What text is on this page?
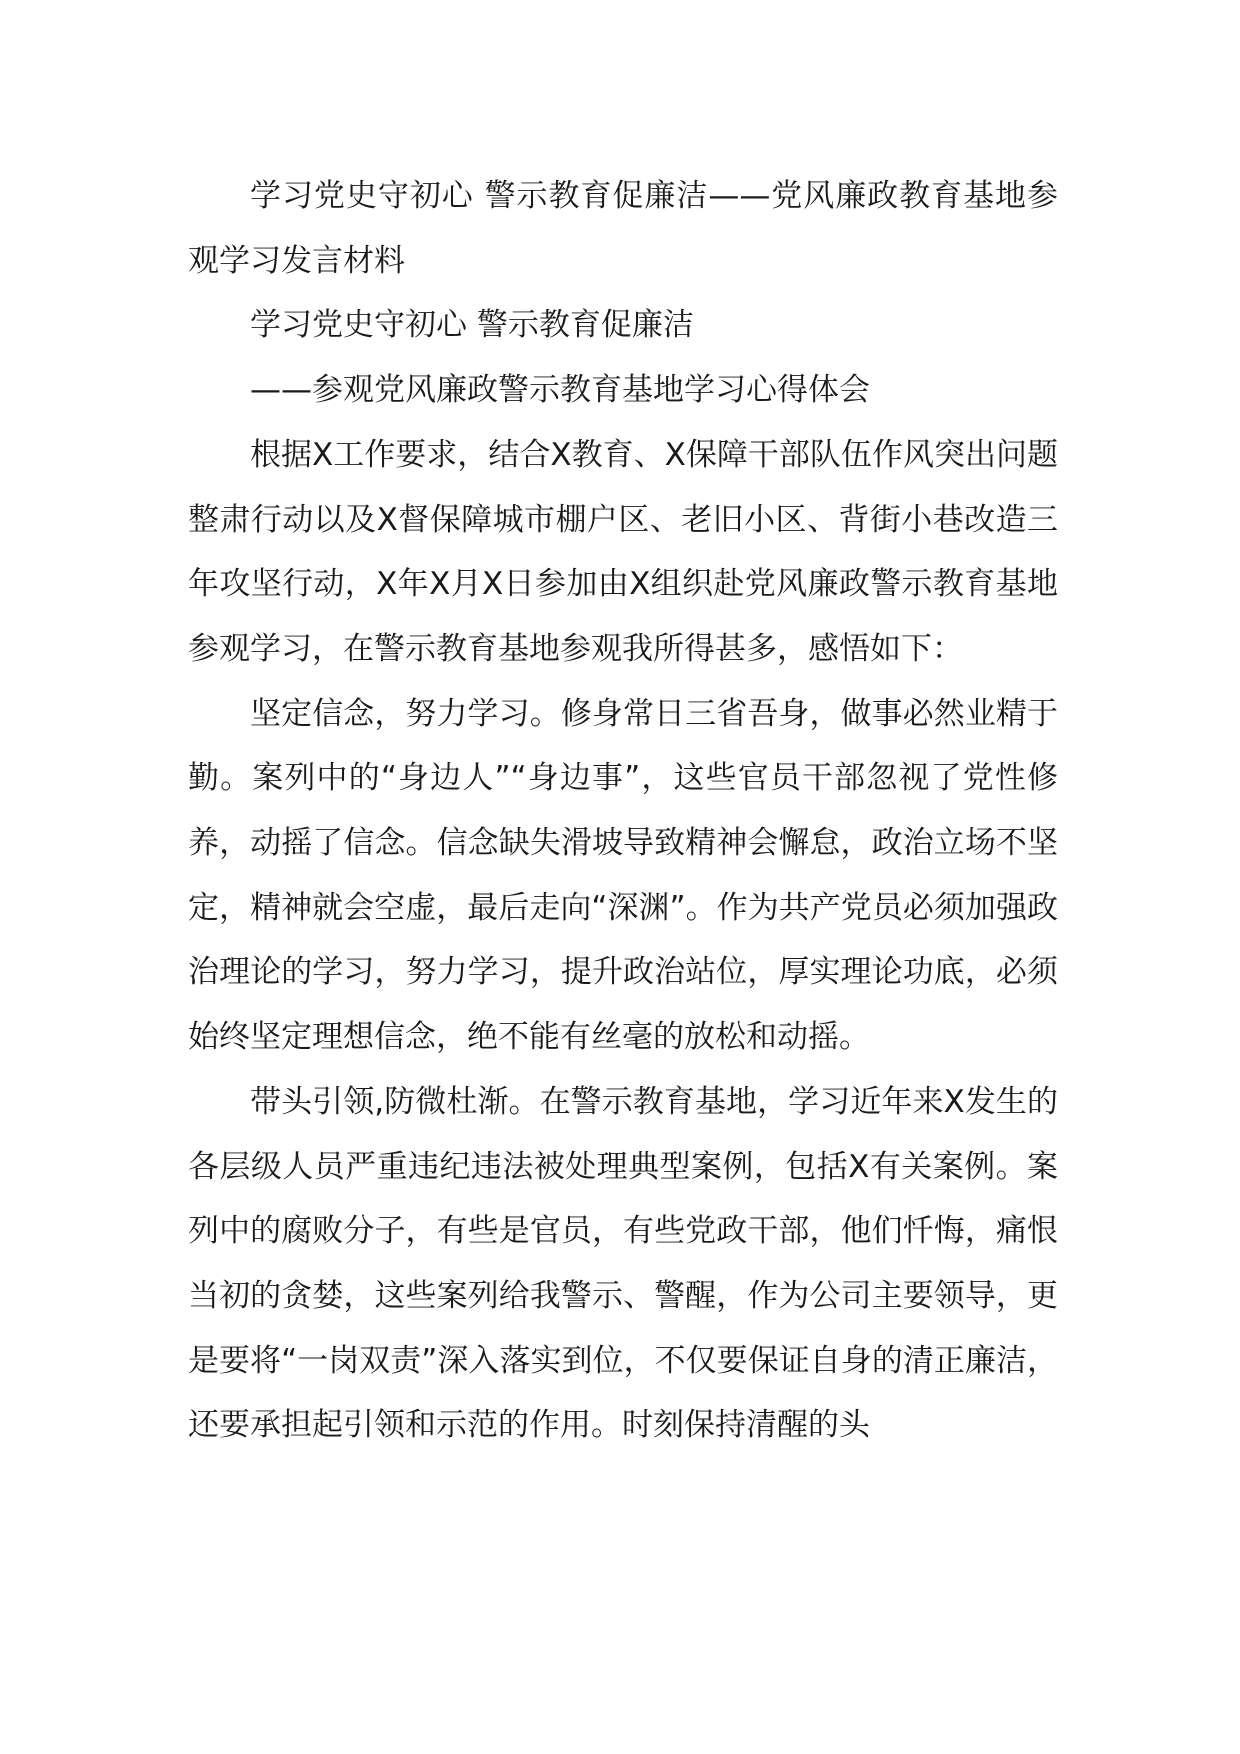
学习党史守初心 警示教育促廉洁——党风廉政教育基地参观学习发言材料

学习党史守初心 警示教育促廉洁

——参观党风廉政警示教育基地学习心得体会

根据X工作要求，结合X教育、X保障干部队伍作风突出问题整肃行动以及X督保障城市棚户区、老旧小区、背街小巷改造三年攻坚行动，X年X月X日参加由X组织赴党风廉政警示教育基地参观学习，在警示教育基地参观我所得甚多，感悟如下：

坚定信念，努力学习。修身常日三省吾身，做事必然业精于勤。案列中的“身边人”“身边事”，这些官员干部忽视了党性修养，动摇了信念。信念缺失滑坡导致精神会懈怠，政治立场不坚定，精神就会空虚，最后走向“深渊”。作为共产党员必须加强政治理论的学习，努力学习，提升政治站位，厚实理论功底，必须始终坚定理想信念，绝不能有丝毫的放松和动摇。

带头引领,防微杜渐。在警示教育基地，学习近年来X发生的各层级人员严重违纪违法被处理典型案例，包括X有关案例。案列中的腐败分子，有些是官员，有些党政干部，他们忏悔，痛恨当初的贪婪，这些案列给我警示、警醒，作为公司主要领导，更是要将“一岗双责”深入落实到位，不仅要保证自身的清正廉洁，还要承担起引领和示范的作用。时刻保持清醒的头
